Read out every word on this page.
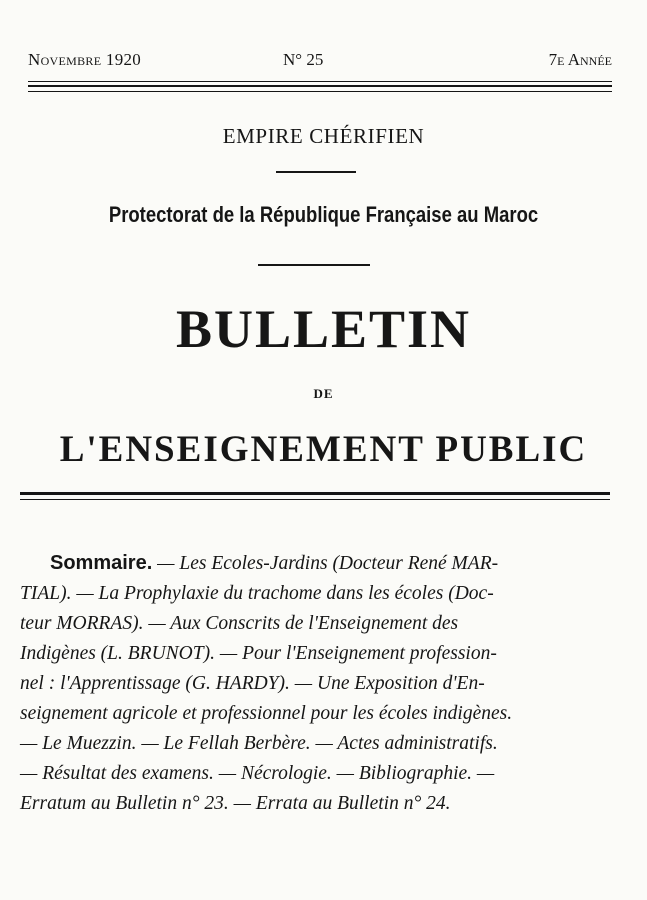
Novembre 1920	N° 25	7e Année
EMPIRE CHÉRIFIEN
Protectorat de la République Française au Maroc
BULLETIN
DE
L'ENSEIGNEMENT PUBLIC
Sommaire. — Les Ecoles-Jardins (Docteur René MAR-
TIAL). — La Prophylaxie du trachome dans les écoles (Doc-
teur MORRAS). — Aux Conscrits de l'Enseignement des
Indigènes (L. BRUNOT). — Pour l'Enseignement profession-
nel : l'Apprentissage (G. HARDY). — Une Exposition d'En-
seignement agricole et professionnel pour les écoles indigènes.
— Le Muezzin. — Le Fellah Berbère. — Actes administratifs.
— Résultat des examens. — Nécrologie. — Bibliographie. —
Erratum au Bulletin n° 23. — Errata au Bulletin n° 24.
